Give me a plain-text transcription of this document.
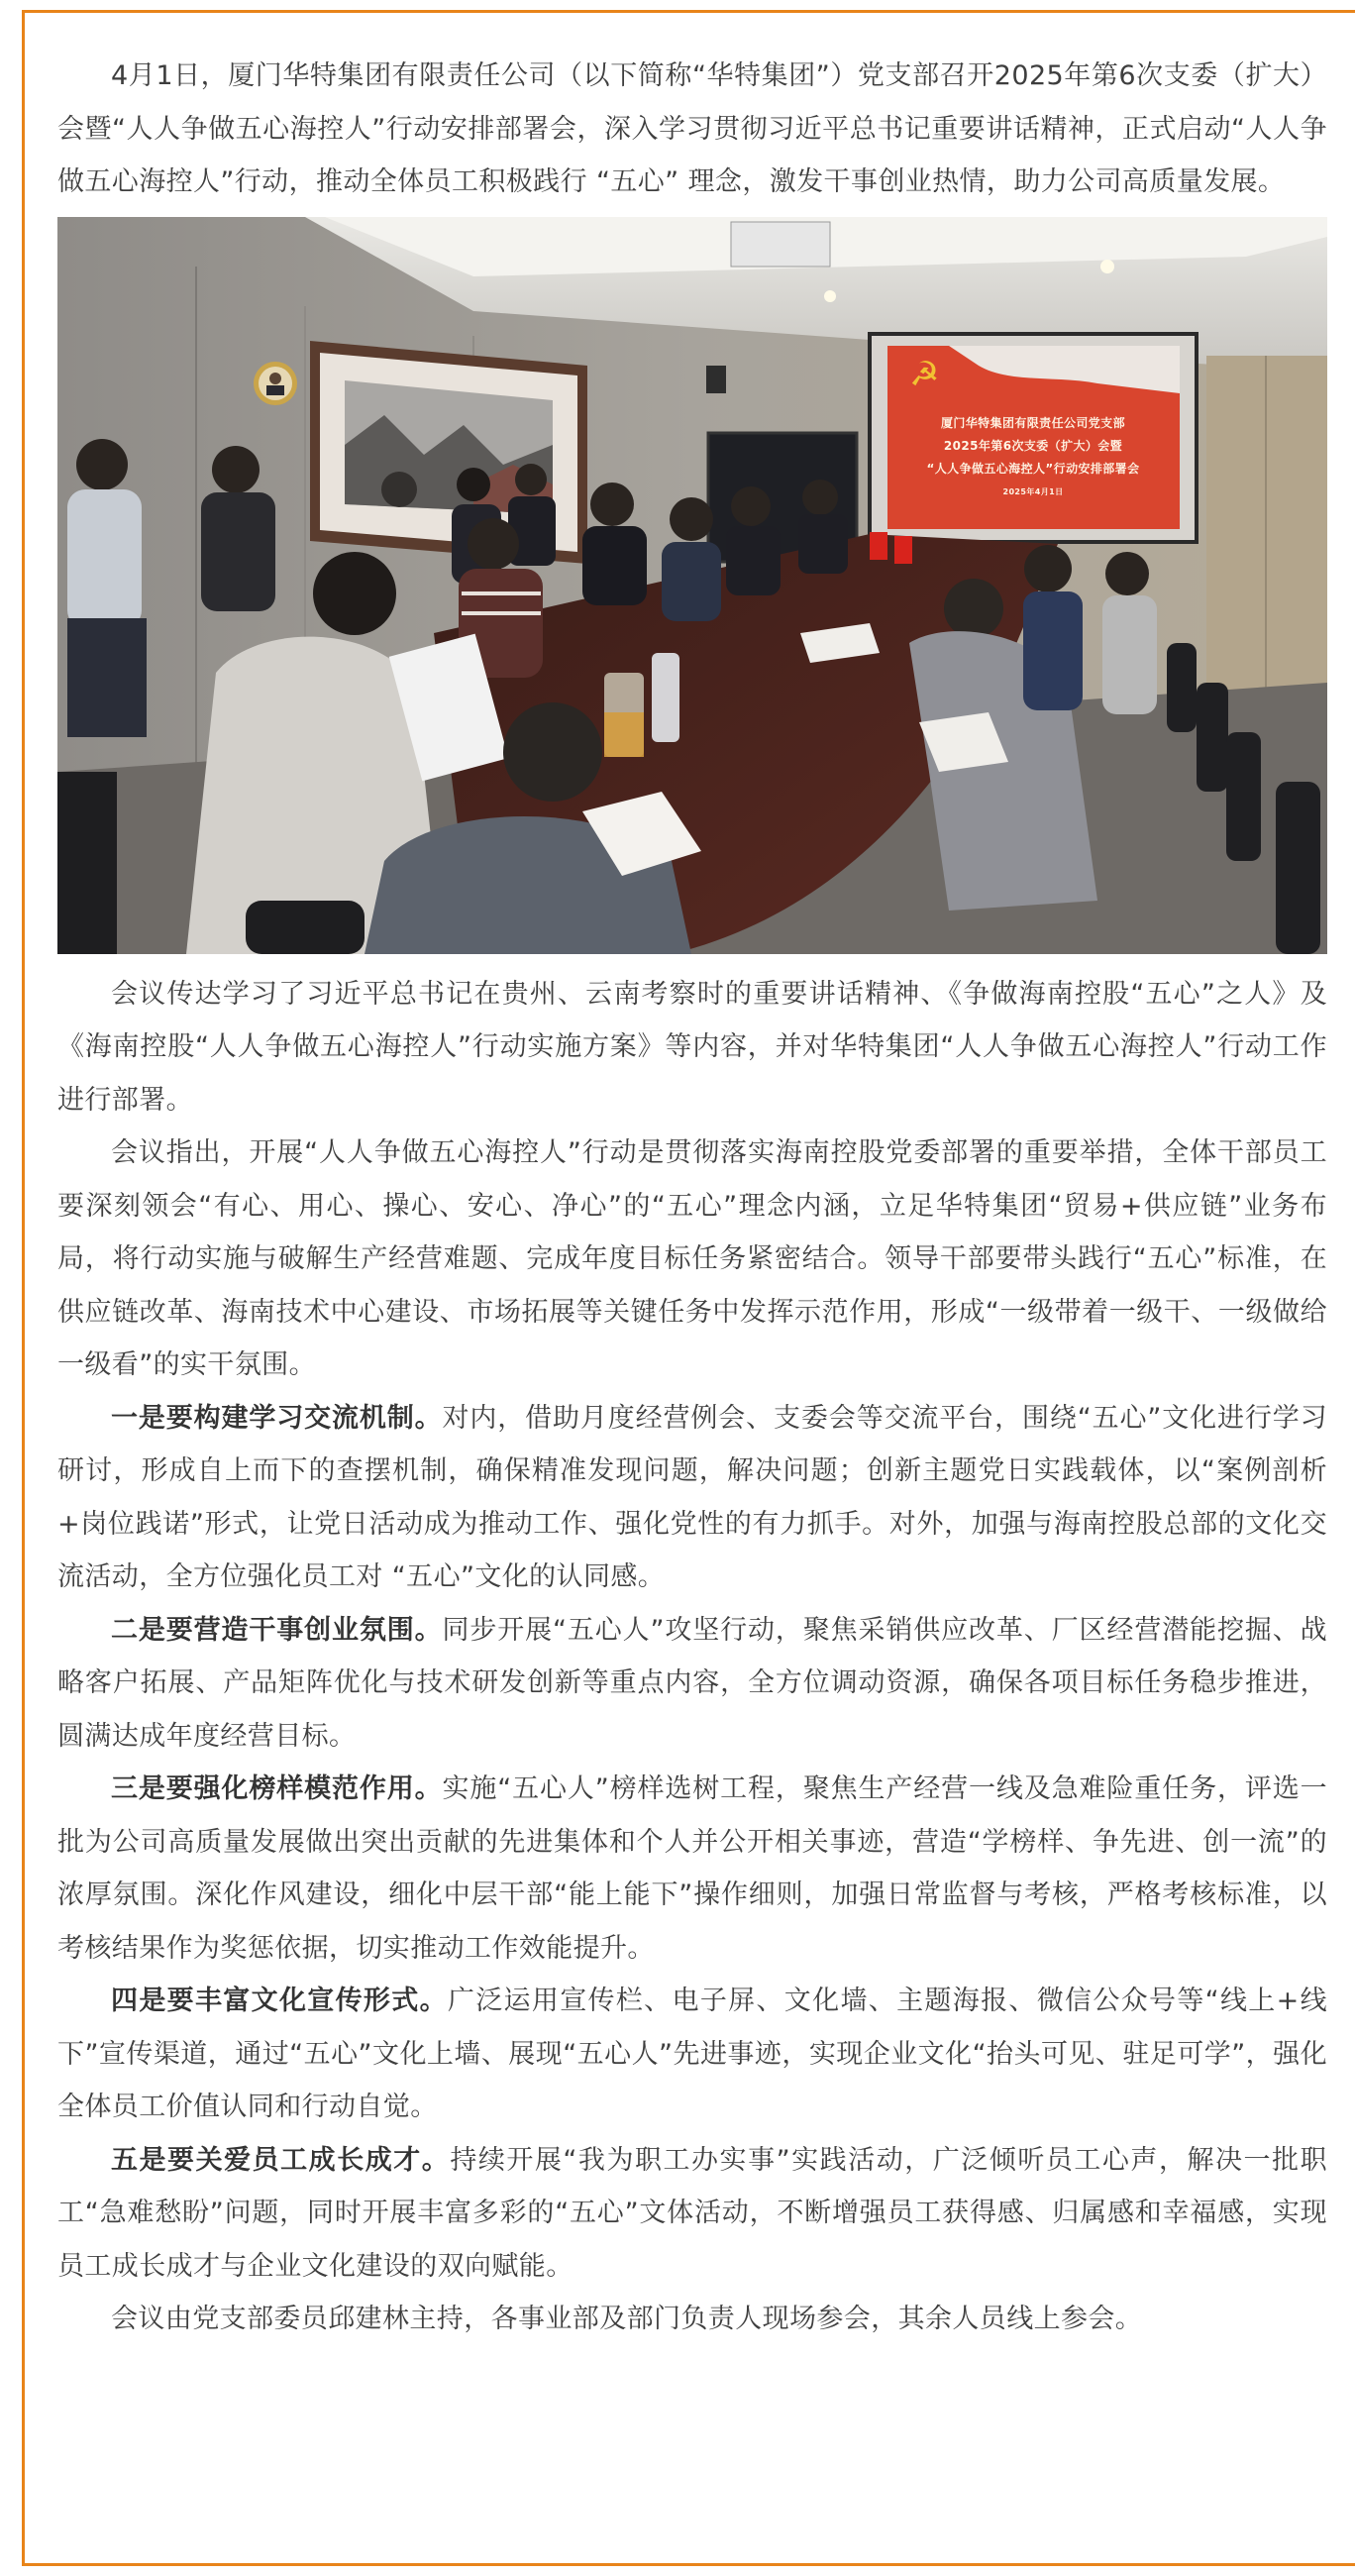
4月1日，厦门华特集团有限责任公司（以下简称“华特集团”）党支部召开2025年第6次支委（扩大）会暨“人人争做五心海控人”行动安排部署会，深入学习贯彻习近平总书记重要讲话精神，正式启动“人人争做五心海控人”行动，推动全体员工积极践行 “五心” 理念，激发干事创业热情，助力公司高质量发展。

☭
厦门华特集团有限责任公司党支部
2025年第6次支委（扩大）会暨
“人人争做五心海控人”行动安排部署会
2025年4月1日

会议传达学习了习近平总书记在贵州、云南考察时的重要讲话精神、《争做海南控股“五心”之人》及《海南控股“人人争做五心海控人”行动实施方案》等内容，并对华特集团“人人争做五心海控人”行动工作进行部署。

会议指出，开展“人人争做五心海控人”行动是贯彻落实海南控股党委部署的重要举措，全体干部员工要深刻领会“有心、用心、操心、安心、净心”的“五心”理念内涵，立足华特集团“贸易+供应链”业务布局，将行动实施与破解生产经营难题、完成年度目标任务紧密结合。领导干部要带头践行“五心”标准，在供应链改革、海南技术中心建设、市场拓展等关键任务中发挥示范作用，形成“一级带着一级干、一级做给一级看”的实干氛围。

一是要构建学习交流机制。对内，借助月度经营例会、支委会等交流平台，围绕“五心”文化进行学习研讨，形成自上而下的查摆机制，确保精准发现问题，解决问题；创新主题党日实践载体，以“案例剖析+岗位践诺”形式，让党日活动成为推动工作、强化党性的有力抓手。对外，加强与海南控股总部的文化交流活动，全方位强化员工对 “五心”文化的认同感。

二是要营造干事创业氛围。同步开展“五心人”攻坚行动，聚焦采销供应改革、厂区经营潜能挖掘、战略客户拓展、产品矩阵优化与技术研发创新等重点内容，全方位调动资源，确保各项目标任务稳步推进，圆满达成年度经营目标。

三是要强化榜样模范作用。实施“五心人”榜样选树工程，聚焦生产经营一线及急难险重任务，评选一批为公司高质量发展做出突出贡献的先进集体和个人并公开相关事迹，营造“学榜样、争先进、创一流”的浓厚氛围。深化作风建设，细化中层干部“能上能下”操作细则，加强日常监督与考核，严格考核标准，以考核结果作为奖惩依据，切实推动工作效能提升。

四是要丰富文化宣传形式。广泛运用宣传栏、电子屏、文化墙、主题海报、微信公众号等“线上+线下”宣传渠道，通过“五心”文化上墙、展现“五心人”先进事迹，实现企业文化“抬头可见、驻足可学”，强化全体员工价值认同和行动自觉。

五是要关爱员工成长成才。持续开展“我为职工办实事”实践活动，广泛倾听员工心声，解决一批职工“急难愁盼”问题，同时开展丰富多彩的“五心”文体活动，不断增强员工获得感、归属感和幸福感，实现员工成长成才与企业文化建设的双向赋能。

会议由党支部委员邱建林主持，各事业部及部门负责人现场参会，其余人员线上参会。
